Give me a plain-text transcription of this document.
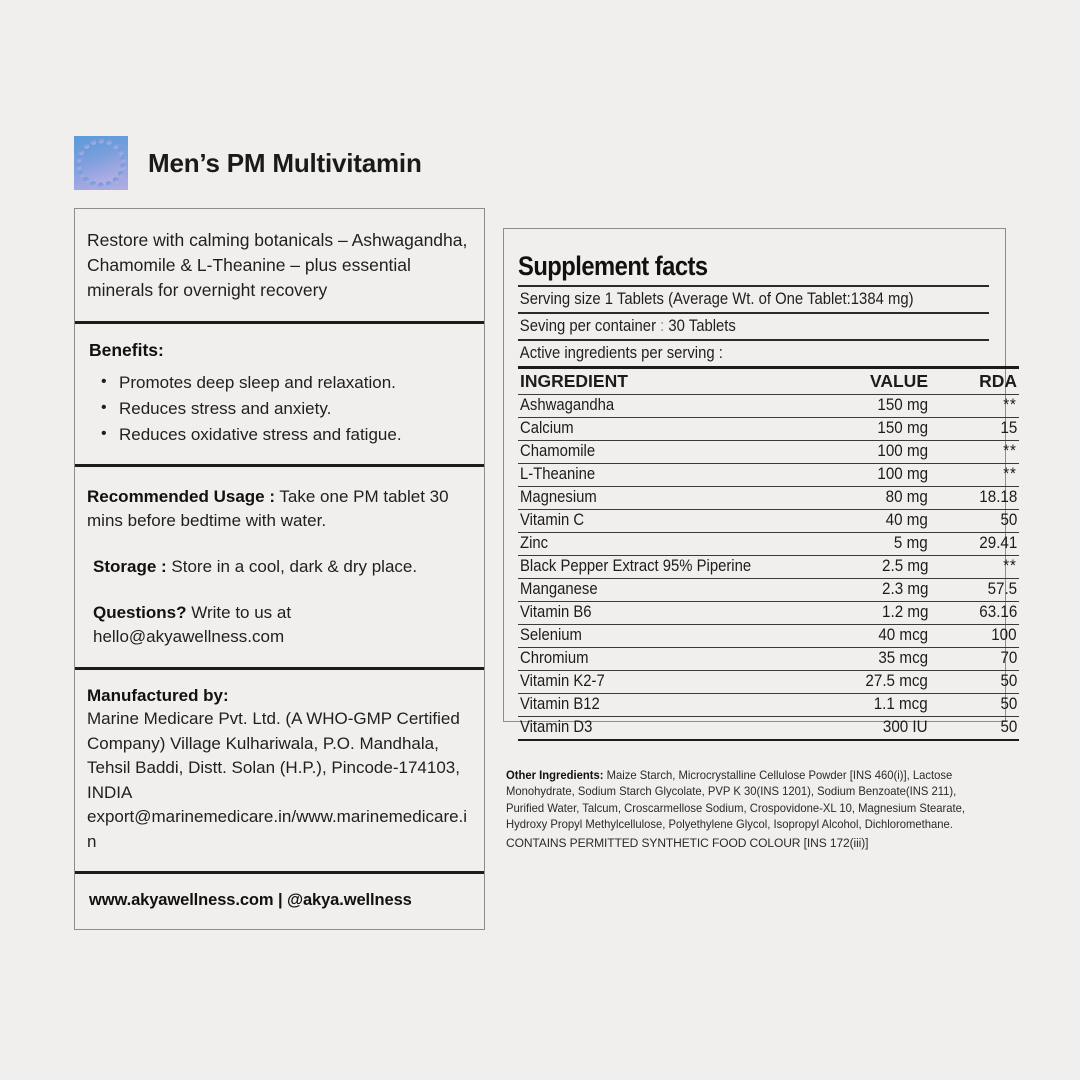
Men’s PM Multivitamin
Restore with calming botanicals – Ashwagandha, Chamomile & L-Theanine – plus essential minerals for overnight recovery
Benefits:
• Promotes deep sleep and relaxation.
• Reduces stress and anxiety.
• Reduces oxidative stress and fatigue.

Recommended Usage : Take one PM tablet 30 mins before bedtime with water.

Storage : Store in a cool, dark & dry place.

Questions? Write to us at hello@akyawellness.com

Manufactured by:
Marine Medicare Pvt. Ltd. (A WHO-GMP Certified Company) Village Kulhariwala, P.O. Mandhala, Tehsil Baddi, Distt. Solan (H.P.), Pincode-174103, INDIA export@marinemedicare.in/www.marinemedicare.in
www.akyawellness.com | @akya.wellness
Supplement facts
Serving size 1 Tablets (Average Wt. of One Tablet:1384 mg)
Seving per container : 30 Tablets
Active ingredients per serving :
INGREDIENT	VALUE	RDA
Ashwagandha	150 mg	**
Calcium	150 mg	15
Chamomile	100 mg	**
L-Theanine	100 mg	**
Magnesium	80 mg	18.18
Vitamin C	40 mg	50
Zinc	5 mg	29.41
Black Pepper Extract 95% Piperine	2.5 mg	**
Manganese	2.3 mg	57.5
Vitamin B6	1.2 mg	63.16
Selenium	40 mcg	100
Chromium	35 mcg	70
Vitamin K2-7	27.5 mcg	50
Vitamin B12	1.1 mcg	50
Vitamin D3	300 IU	50
Other Ingredients: Maize Starch, Microcrystalline Cellulose Powder [INS 460(i)], Lactose Monohydrate, Sodium Starch Glycolate, PVP K 30(INS 1201), Sodium Benzoate(INS 211), Purified Water, Talcum, Croscarmellose Sodium, Crospovidone-XL 10, Magnesium Stearate, Hydroxy Propyl Methylcellulose, Polyethylene Glycol, Isopropyl Alcohol, Dichloromethane.
CONTAINS PERMITTED SYNTHETIC FOOD COLOUR [INS 172(iii)]
